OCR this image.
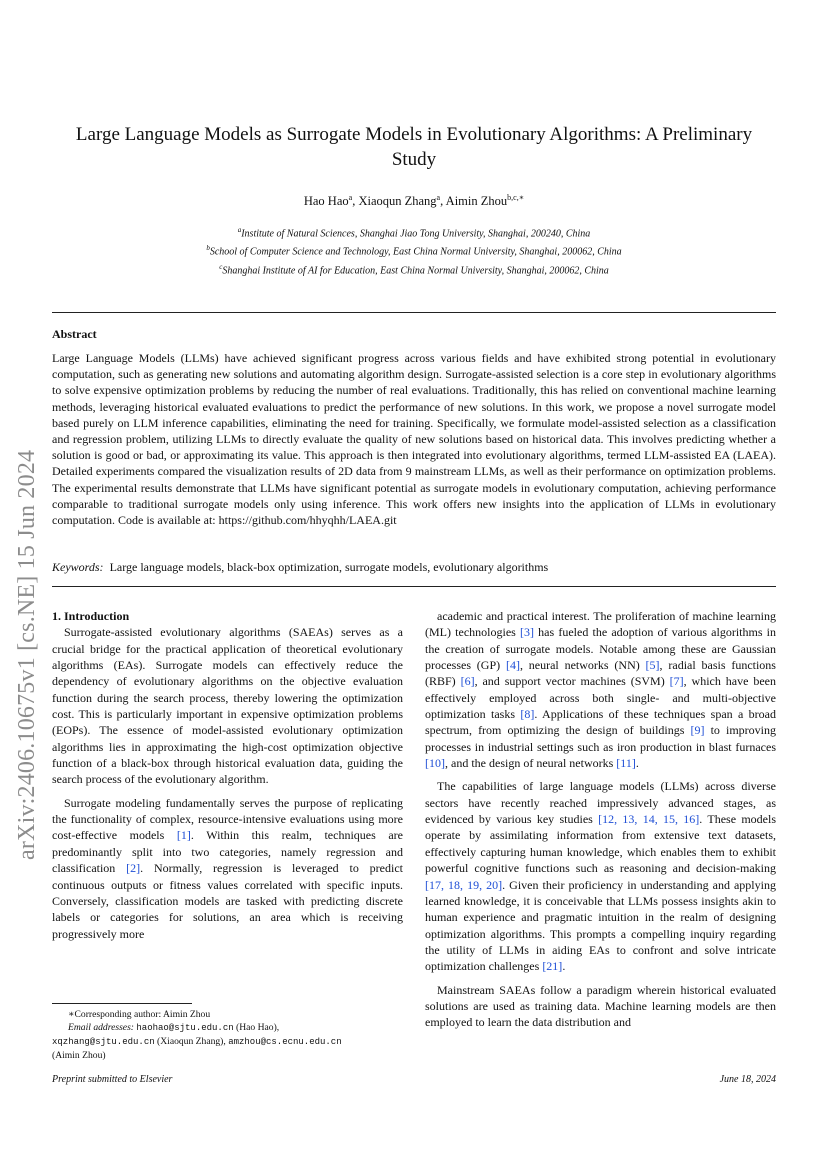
arXiv:2406.10675v1 [cs.NE] 15 Jun 2024
Large Language Models as Surrogate Models in Evolutionary Algorithms: A Preliminary Study
Hao Hao$^a$, Xiaoqun Zhang$^a$, Aimin Zhou$^{b,c,∗}$
$^a$Institute of Natural Sciences, Shanghai Jiao Tong University, Shanghai, 200240, China
$^b$School of Computer Science and Technology, East China Normal University, Shanghai, 200062, China
$^c$Shanghai Institute of AI for Education, East China Normal University, Shanghai, 200062, China
Abstract

Large Language Models (LLMs) have achieved significant progress across various fields and have exhibited strong potential in evolutionary computation, such as generating new solutions and automating algorithm design. Surrogate-assisted selection is a core step in evolutionary algorithms to solve expensive optimization problems by reducing the number of real evaluations. Traditionally, this has relied on conventional machine learning methods, leveraging historical evaluated evaluations to predict the performance of new solutions. In this work, we propose a novel surrogate model based purely on LLM inference capabilities, eliminating the need for training. Specifically, we formulate model-assisted selection as a classification and regression problem, utilizing LLMs to directly evaluate the quality of new solutions based on historical data. This involves predicting whether a solution is good or bad, or approximating its value. This approach is then integrated into evolutionary algorithms, termed LLM-assisted EA (LAEA). Detailed experiments compared the visualization results of 2D data from 9 mainstream LLMs, as well as their performance on optimization problems. The experimental results demonstrate that LLMs have significant potential as surrogate models in evolutionary computation, achieving performance comparable to traditional surrogate models only using inference. This work offers new insights into the application of LLMs in evolutionary computation. Code is available at: https://github.com/hhyqhh/LAEA.git

Keywords: Large language models, black-box optimization, surrogate models, evolutionary algorithms

1. Introduction

Surrogate-assisted evolutionary algorithms (SAEAs) serves as a crucial bridge for the practical application of theoretical evolutionary algorithms (EAs). Surrogate models can effectively reduce the dependency of evolutionary algorithms on the objective evaluation function during the search process, thereby lowering the optimization cost. This is particularly important in expensive optimization problems (EOPs). The essence of model-assisted evolutionary optimization algorithms lies in approximating the high-cost optimization objective function of a black-box through historical evaluation data, guiding the search process of the evolutionary algorithm.

Surrogate modeling fundamentally serves the purpose of replicating the functionality of complex, resource-intensive evaluations using more cost-effective models [1]. Within this realm, techniques are predominantly split into two categories, namely regression and classification [2]. Normally, regression is leveraged to predict continuous outputs or fitness values correlated with specific inputs. Conversely, classification models are tasked with predicting discrete labels or categories for solutions, an area which is receiving progressively more

academic and practical interest. The proliferation of machine learning (ML) technologies [3] has fueled the adoption of various algorithms in the creation of surrogate models. Notable among these are Gaussian processes (GP) [4], neural networks (NN) [5], radial basis functions (RBF) [6], and support vector machines (SVM) [7], which have been effectively employed across both single- and multi-objective optimization tasks [8]. Applications of these techniques span a broad spectrum, from optimizing the design of buildings [9] to improving processes in industrial settings such as iron production in blast furnaces [10], and the design of neural networks [11].

The capabilities of large language models (LLMs) across diverse sectors have recently reached impressively advanced stages, as evidenced by various key studies [12, 13, 14, 15, 16]. These models operate by assimilating information from extensive text datasets, effectively capturing human knowledge, which enables them to exhibit powerful cognitive functions such as reasoning and decision-making [17, 18, 19, 20]. Given their proficiency in understanding and applying learned knowledge, it is conceivable that LLMs possess insights akin to human experience and pragmatic intuition in the realm of designing optimization algorithms. This prompts a compelling inquiry regarding the utility of LLMs in aiding EAs to confront and solve intricate optimization challenges [21].

Mainstream SAEAs follow a paradigm wherein historical evaluated solutions are used as training data. Machine learning models are then employed to learn the data distribution and

∗Corresponding author: Aimin Zhou
Email addresses: haohao@sjtu.edu.cn (Hao Hao),
xqzhang@sjtu.edu.cn (Xiaoqun Zhang), amzhou@cs.ecnu.edu.cn
(Aimin Zhou)
Preprint submitted to Elsevier	June 18, 2024
